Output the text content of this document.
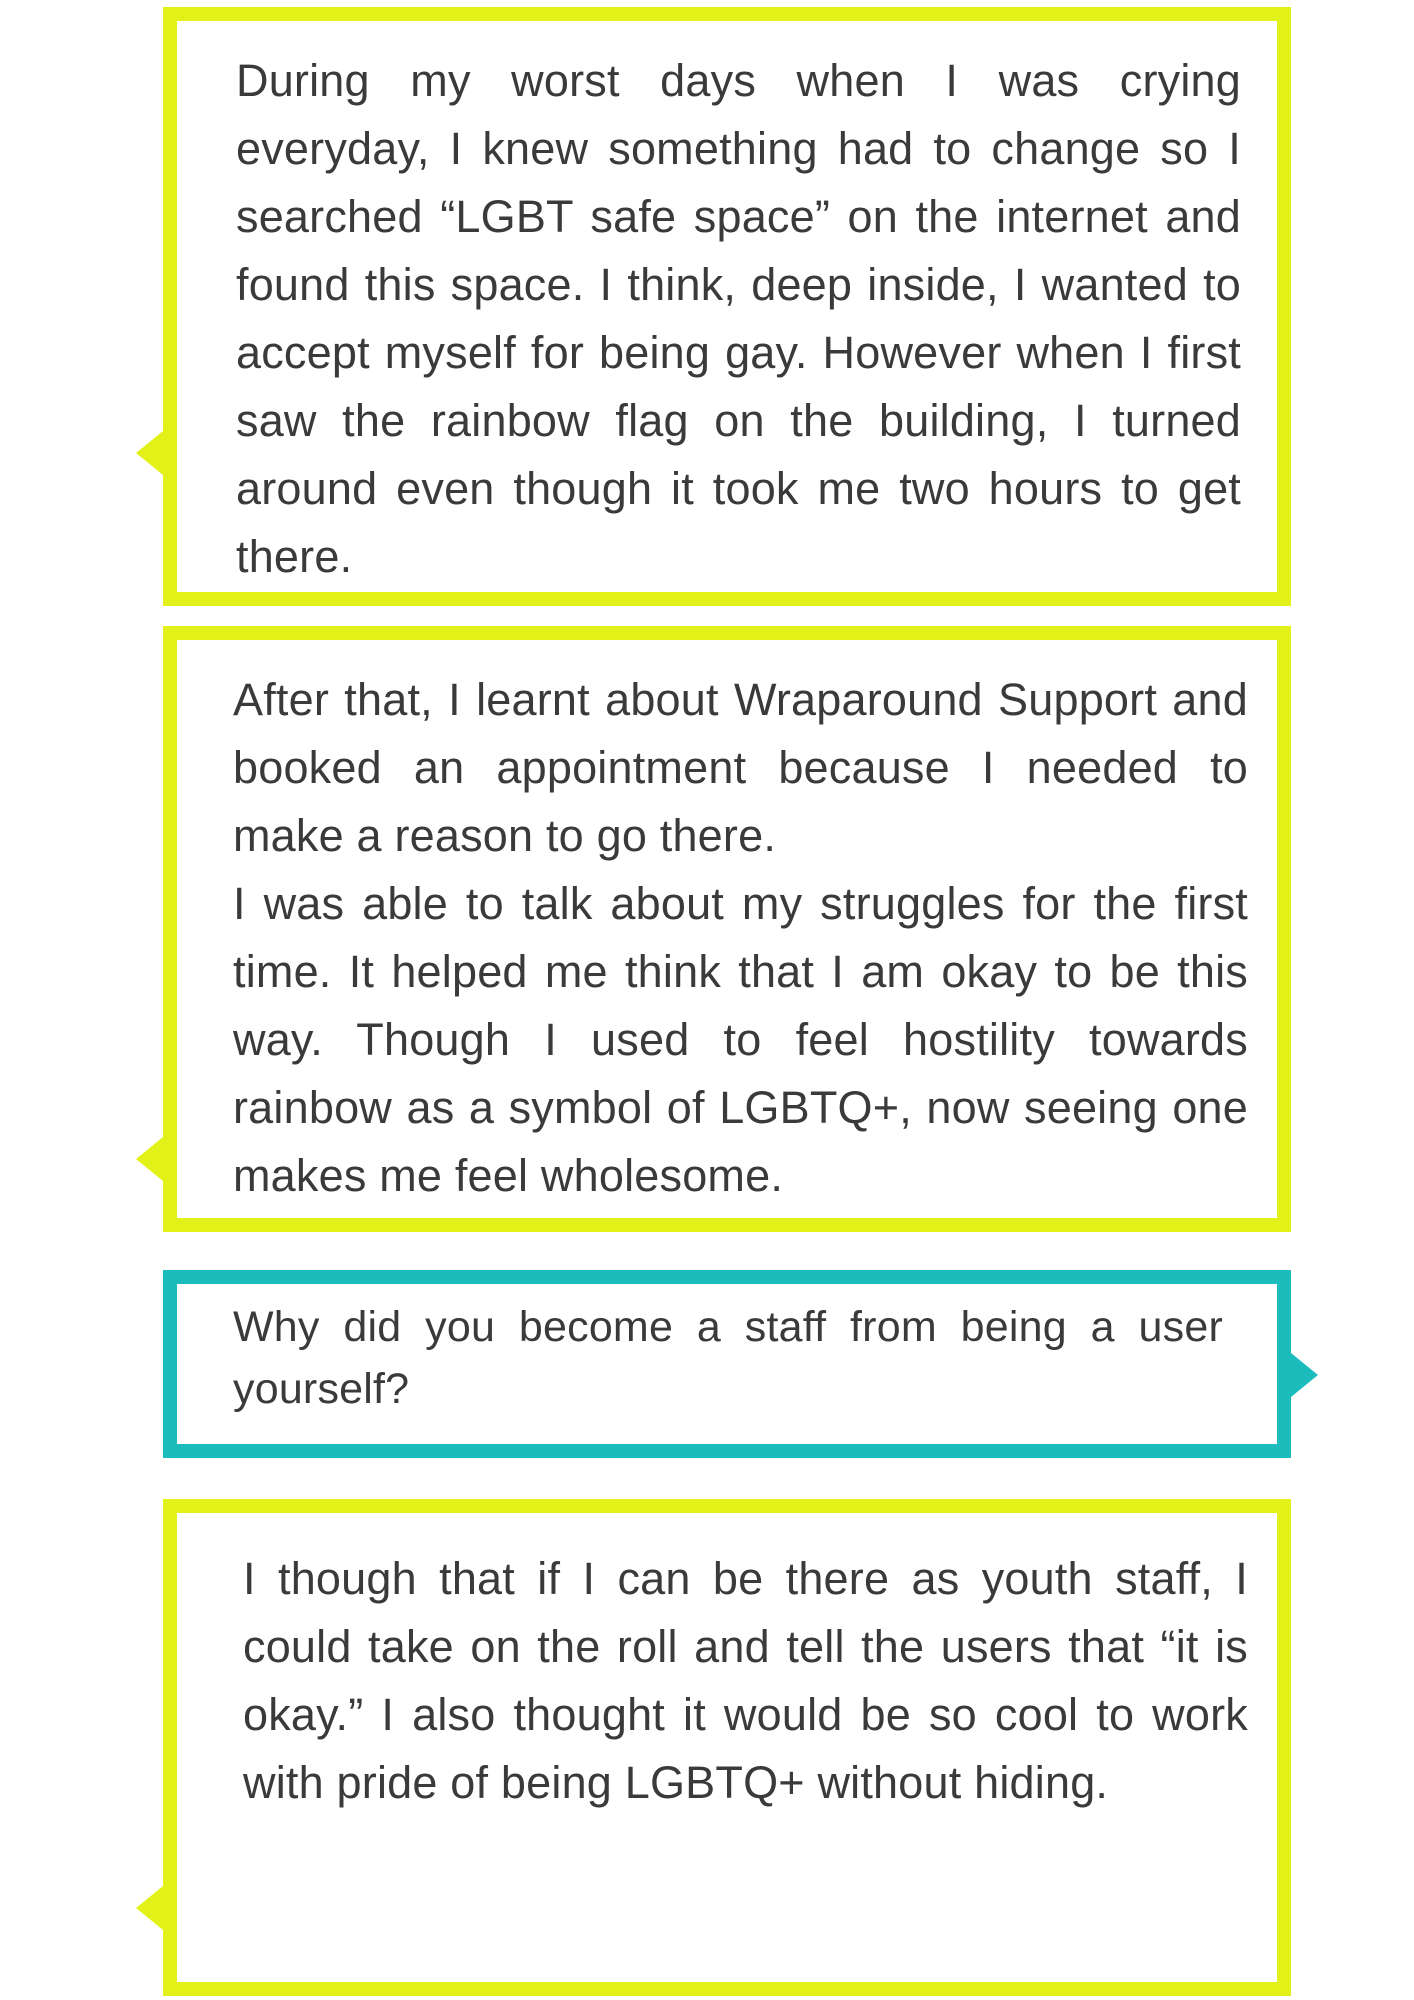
During my worst days when I was crying everyday, I knew something had to change so I searched “LGBT safe space” on the internet and found this space. I think, deep inside, I wanted to accept myself for being gay. However when I first saw the rainbow flag on the building, I turned around even though it took me two hours to get there.

After that, I learnt about Wraparound Support and booked an appointment because I needed to make a reason to go there.
I was able to talk about my struggles for the first time. It helped me think that I am okay to be this way. Though I used to feel hostility towards rainbow as a symbol of LGBTQ+, now seeing one makes me feel wholesome.

Why did you become a staff from being a user yourself?

I though that if I can be there as youth staff, I could take on the roll and tell the users that “it is okay.” I also thought it would be so cool to work with pride of being LGBTQ+ without hiding.
